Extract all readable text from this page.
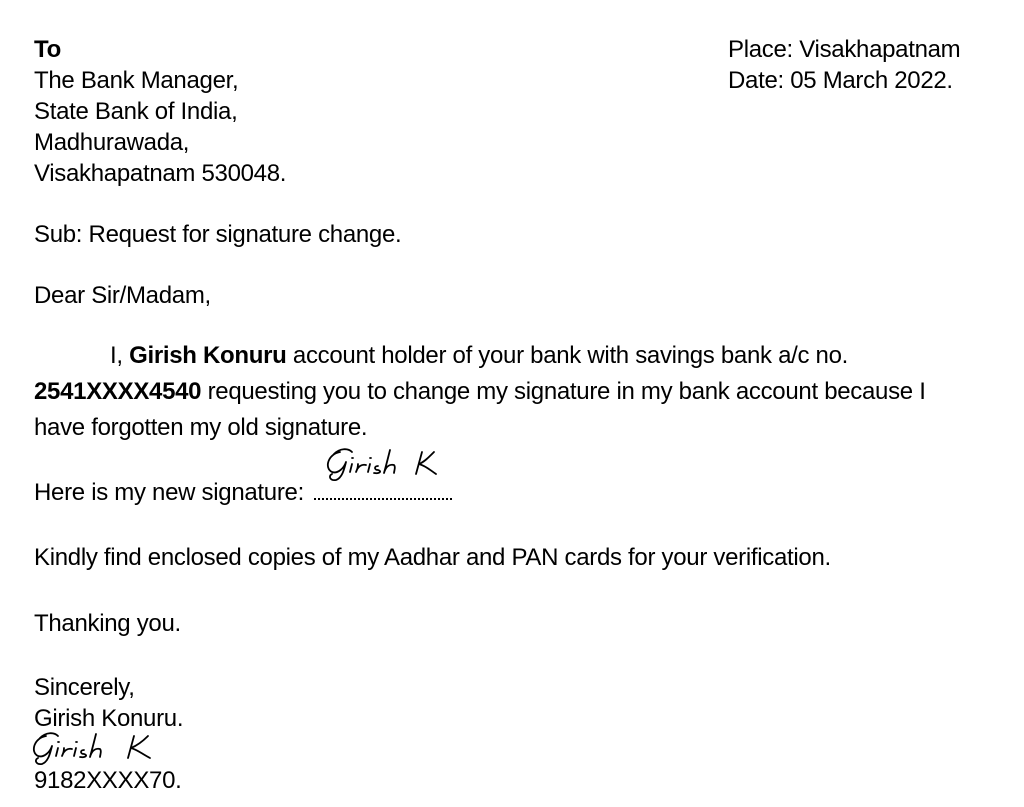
To
The Bank Manager,
State Bank of India,
Madhurawada,
Visakhapatnam 530048.
Place: Visakhapatnam
Date: 05 March 2022.
Sub: Request for signature change.
Dear Sir/Madam,
I, Girish Konuru account holder of your bank with savings bank a/c no.
2541XXXX4540 requesting you to change my signature in my bank account because I
have forgotten my old signature.
Here is my new signature:
Kindly find enclosed copies of my Aadhar and PAN cards for your verification.
Thanking you.
Sincerely,
Girish Konuru.
9182XXXX70.
